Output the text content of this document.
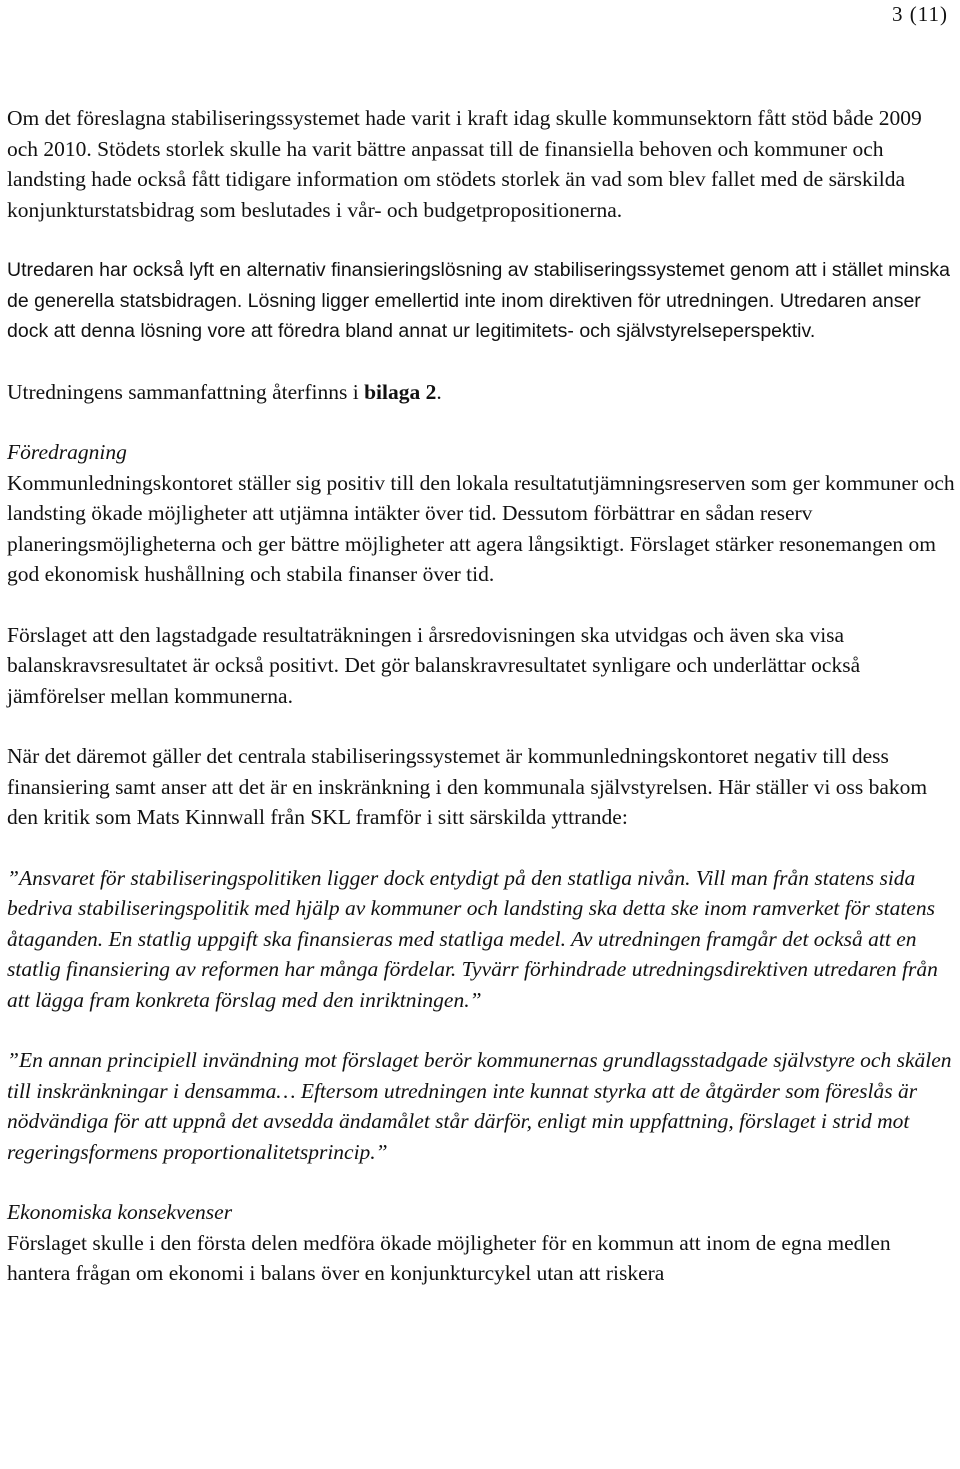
3 (11)

Om det föreslagna stabiliseringssystemet hade varit i kraft idag skulle kommunsektorn fått stöd både 2009 och 2010. Stödets storlek skulle ha varit bättre anpassat till de finansiella behoven och kommuner och landsting hade också fått tidigare information om stödets storlek än vad som blev fallet med de särskilda konjunkturstatsbidrag som beslutades i vår- och budgetpropositionerna.

Utredaren har också lyft en alternativ finansieringslösning av stabiliseringssystemet genom att i stället minska de generella statsbidragen. Lösning ligger emellertid inte inom direktiven för utredningen. Utredaren anser dock att denna lösning vore att föredra bland annat ur legitimitets- och självstyrelseperspektiv.

Utredningens sammanfattning återfinns i bilaga 2.

Föredragning

Kommunledningskontoret ställer sig positiv till den lokala resultatutjämningsreserven som ger kommuner och landsting ökade möjligheter att utjämna intäkter över tid. Dessutom förbättrar en sådan reserv planeringsmöjligheterna och ger bättre möjligheter att agera långsiktigt. Förslaget stärker resonemangen om god ekonomisk hushållning och stabila finanser över tid.

Förslaget att den lagstadgade resultaträkningen i årsredovisningen ska utvidgas och även ska visa balanskravsresultatet är också positivt. Det gör balanskravresultatet synligare och underlättar också jämförelser mellan kommunerna.

När det däremot gäller det centrala stabiliseringssystemet är kommunledningskontoret negativ till dess finansiering samt anser att det är en inskränkning i den kommunala självstyrelsen. Här ställer vi oss bakom den kritik som Mats Kinnwall från SKL framför i sitt särskilda yttrande:

”Ansvaret för stabiliseringspolitiken ligger dock entydigt på den statliga nivån. Vill man från statens sida bedriva stabiliseringspolitik med hjälp av kommuner och landsting ska detta ske inom ramverket för statens åtaganden. En statlig uppgift ska finansieras med statliga medel. Av utredningen framgår det också att en statlig finansiering av reformen har många fördelar. Tyvärr förhindrade utredningsdirektiven utredaren från att lägga fram konkreta förslag med den inriktningen.”

”En annan principiell invändning mot förslaget berör kommunernas grundlagsstadgade självstyre och skälen till inskränkningar i densamma… Eftersom utredningen inte kunnat styrka att de åtgärder som föreslås är nödvändiga för att uppnå det avsedda ändamålet står därför, enligt min uppfattning, förslaget i strid mot regeringsformens proportionalitetsprincip.”

Ekonomiska konsekvenser

Förslaget skulle i den första delen medföra ökade möjligheter för en kommun att inom de egna medlen hantera frågan om ekonomi i balans över en konjunkturcykel utan att riskera
